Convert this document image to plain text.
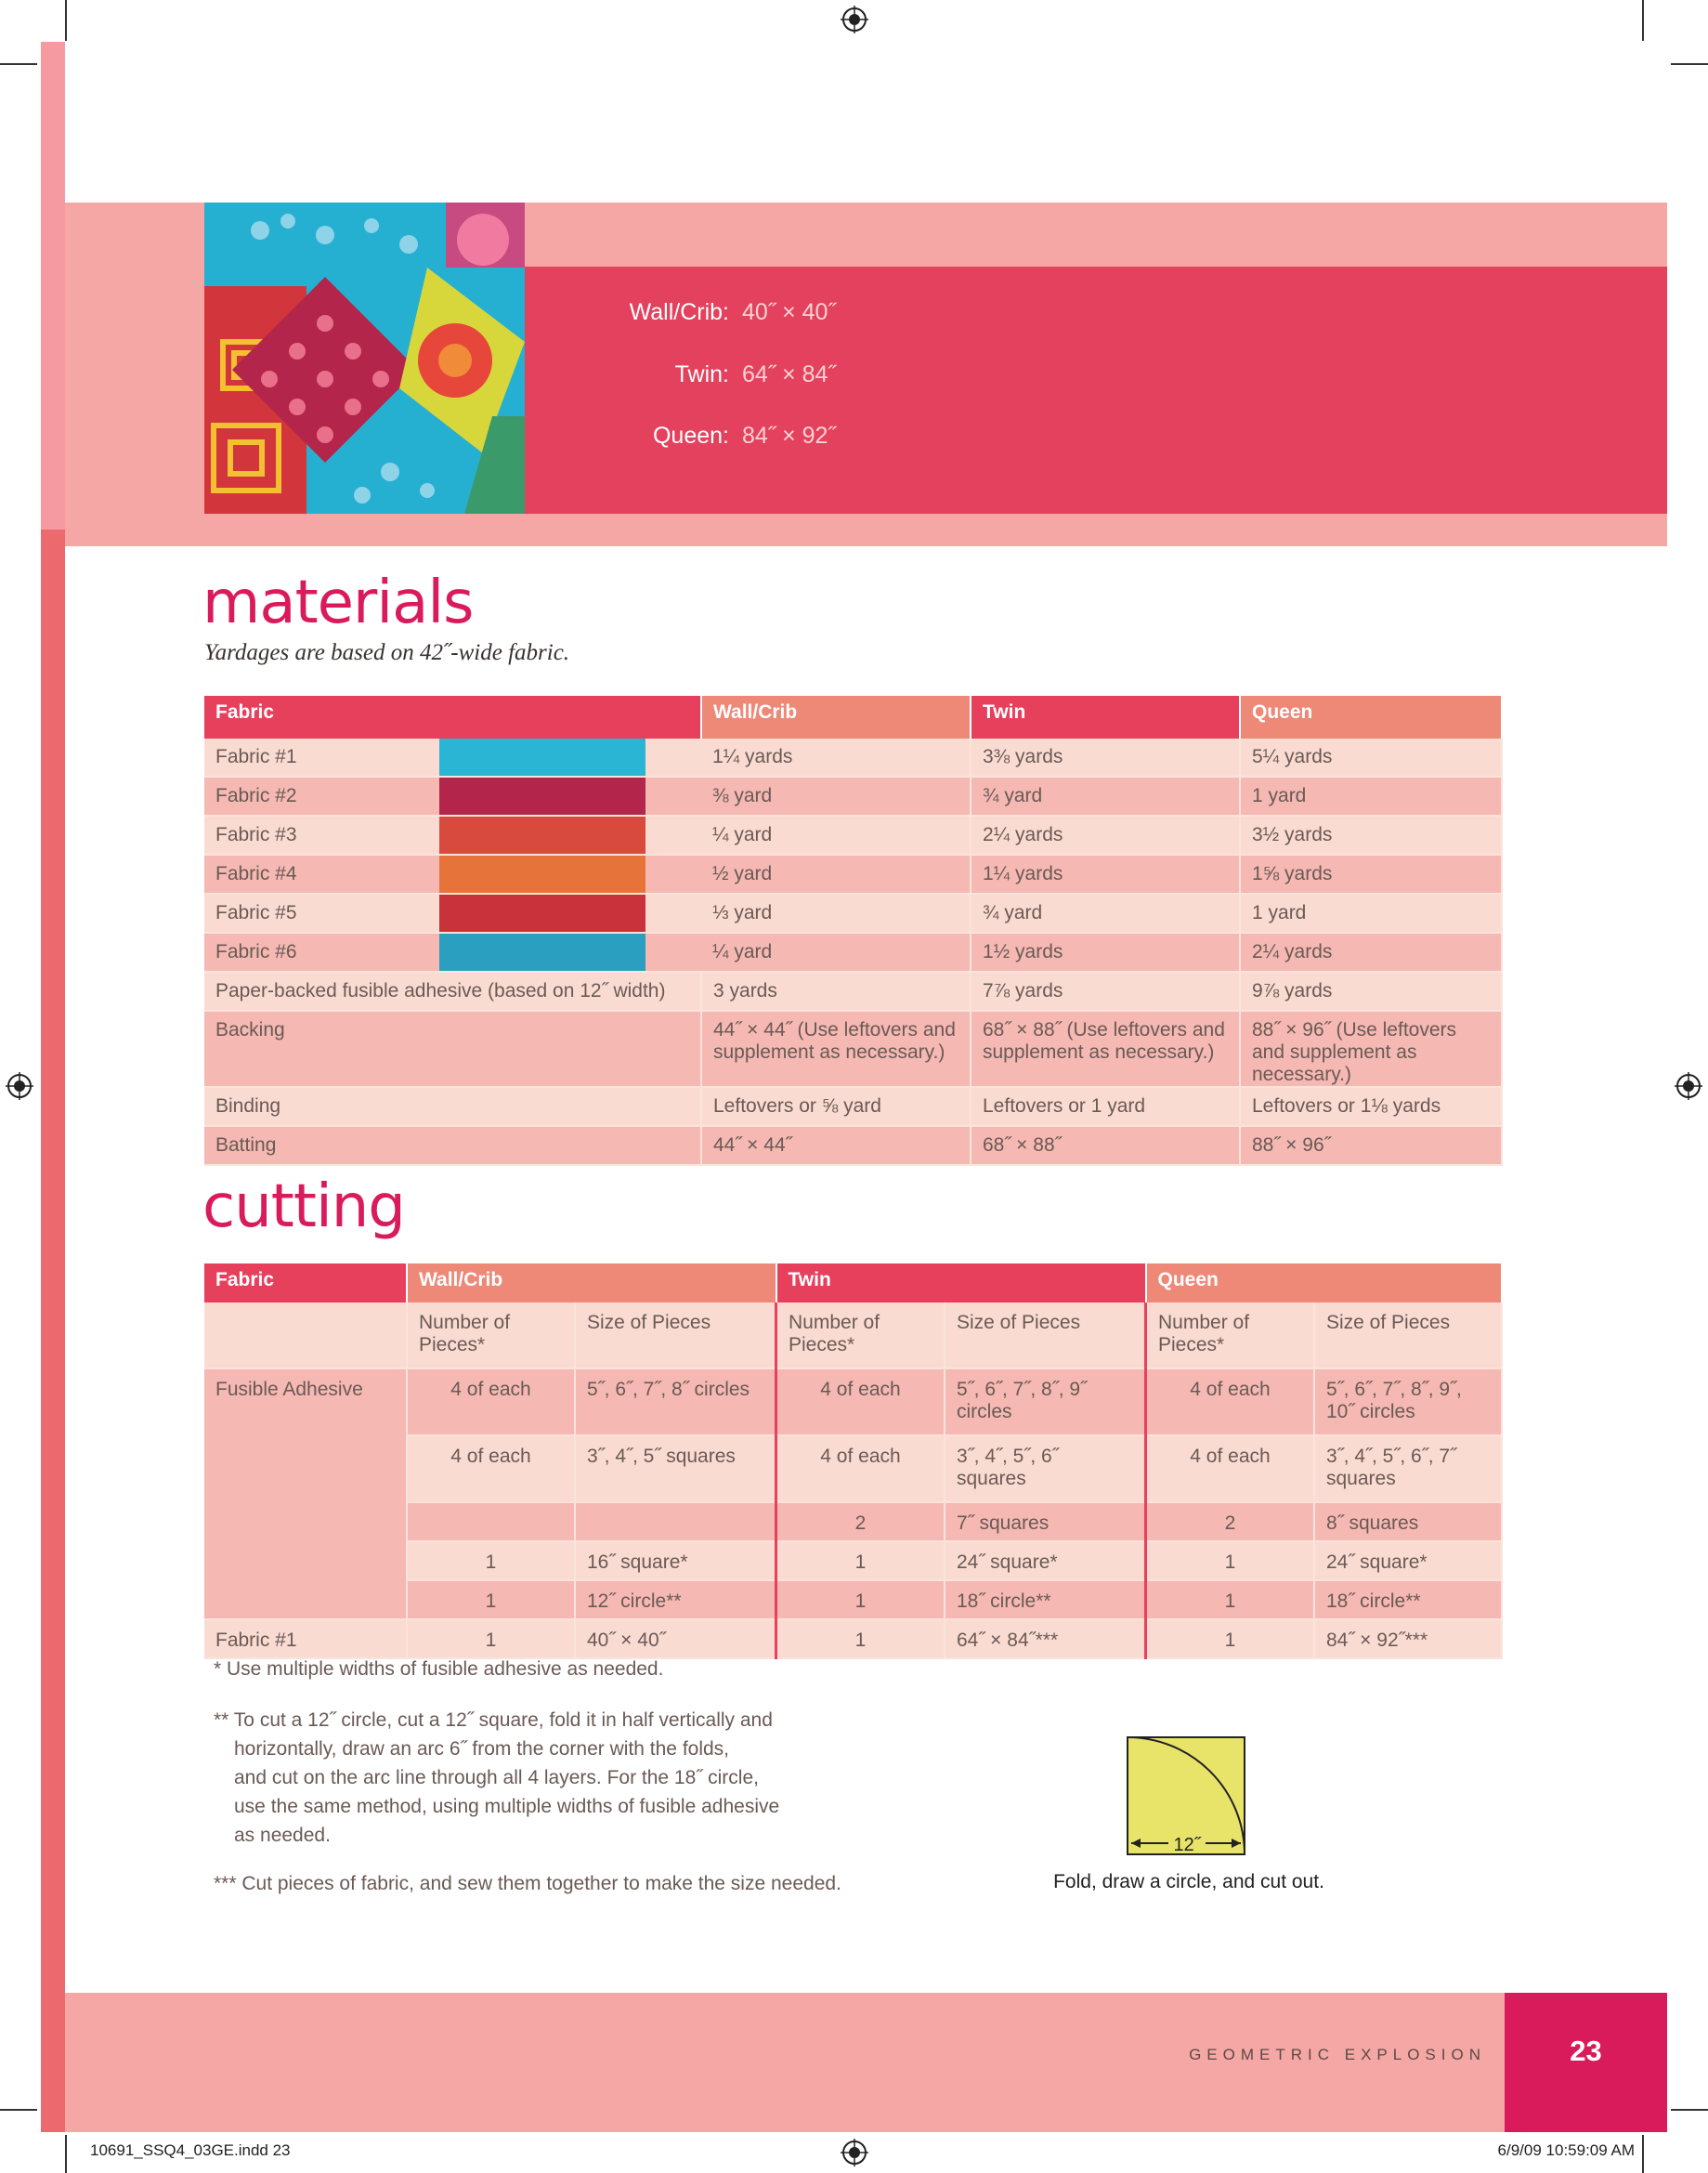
Wall/Crib: 40˝ × 40˝
Twin: 64˝ × 84˝
Queen: 84˝ × 92˝
materials
Yardages are based on 42˝-wide fabric.
Fabric		Wall/Crib	Twin	Queen
Fabric #1		1¼ yards	3⅜ yards	5¼ yards
Fabric #2		⅜ yard	¾ yard	1 yard
Fabric #3		¼ yard	2¼ yards	3½ yards
Fabric #4		½ yard	1¼ yards	1⅝ yards
Fabric #5		⅓ yard	¾ yard	1 yard
Fabric #6		¼ yard	1½ yards	2¼ yards
Paper-backed fusible adhesive (based on 12˝ width)		3 yards	7⅞ yards	9⅞ yards
Backing		44˝ × 44˝ (Use leftovers and supplement as necessary.)	68˝ × 88˝ (Use leftovers and supplement as necessary.)	88˝ × 96˝ (Use leftovers and supplement as necessary.)
Binding		Leftovers or ⅝ yard	Leftovers or 1 yard	Leftovers or 1⅛ yards
Batting		44˝ × 44˝	68˝ × 88˝	88˝ × 96˝
cutting
Fabric	Wall/Crib		Twin		Queen	
	Number of Pieces*	Size of Pieces	Number of Pieces*	Size of Pieces	Number of Pieces*	Size of Pieces
Fusible Adhesive	4 of each	5˝, 6˝, 7˝, 8˝ circles	4 of each	5˝, 6˝, 7˝, 8˝, 9˝ circles	4 of each	5˝, 6˝, 7˝, 8˝, 9˝, 10˝ circles
	4 of each	3˝, 4˝, 5˝ squares	4 of each	3˝, 4˝, 5˝, 6˝ squares	4 of each	3˝, 4˝, 5˝, 6˝, 7˝ squares
			2	7˝ squares	2	8˝ squares
	1	16˝ square*	1	24˝ square*	1	24˝ square*
	1	12˝ circle**	1	18˝ circle**	1	18˝ circle**
Fabric #1	1	40˝ × 40˝	1	64˝ × 84˝***	1	84˝ × 92˝***
* Use multiple widths of fusible adhesive as needed.
** To cut a 12˝ circle, cut a 12˝ square, fold it in half vertically and
horizontally, draw an arc 6˝ from the corner with the folds,
and cut on the arc line through all 4 layers. For the 18˝ circle,
use the same method, using multiple widths of fusible adhesive
as needed.
*** Cut pieces of fabric, and sew them together to make the size needed.
12˝
Fold, draw a circle, and cut out.
23
GEOMETRIC EXPLOSION
10691_SSQ4_03GE.indd 23	6/9/09 10:59:09 AM
